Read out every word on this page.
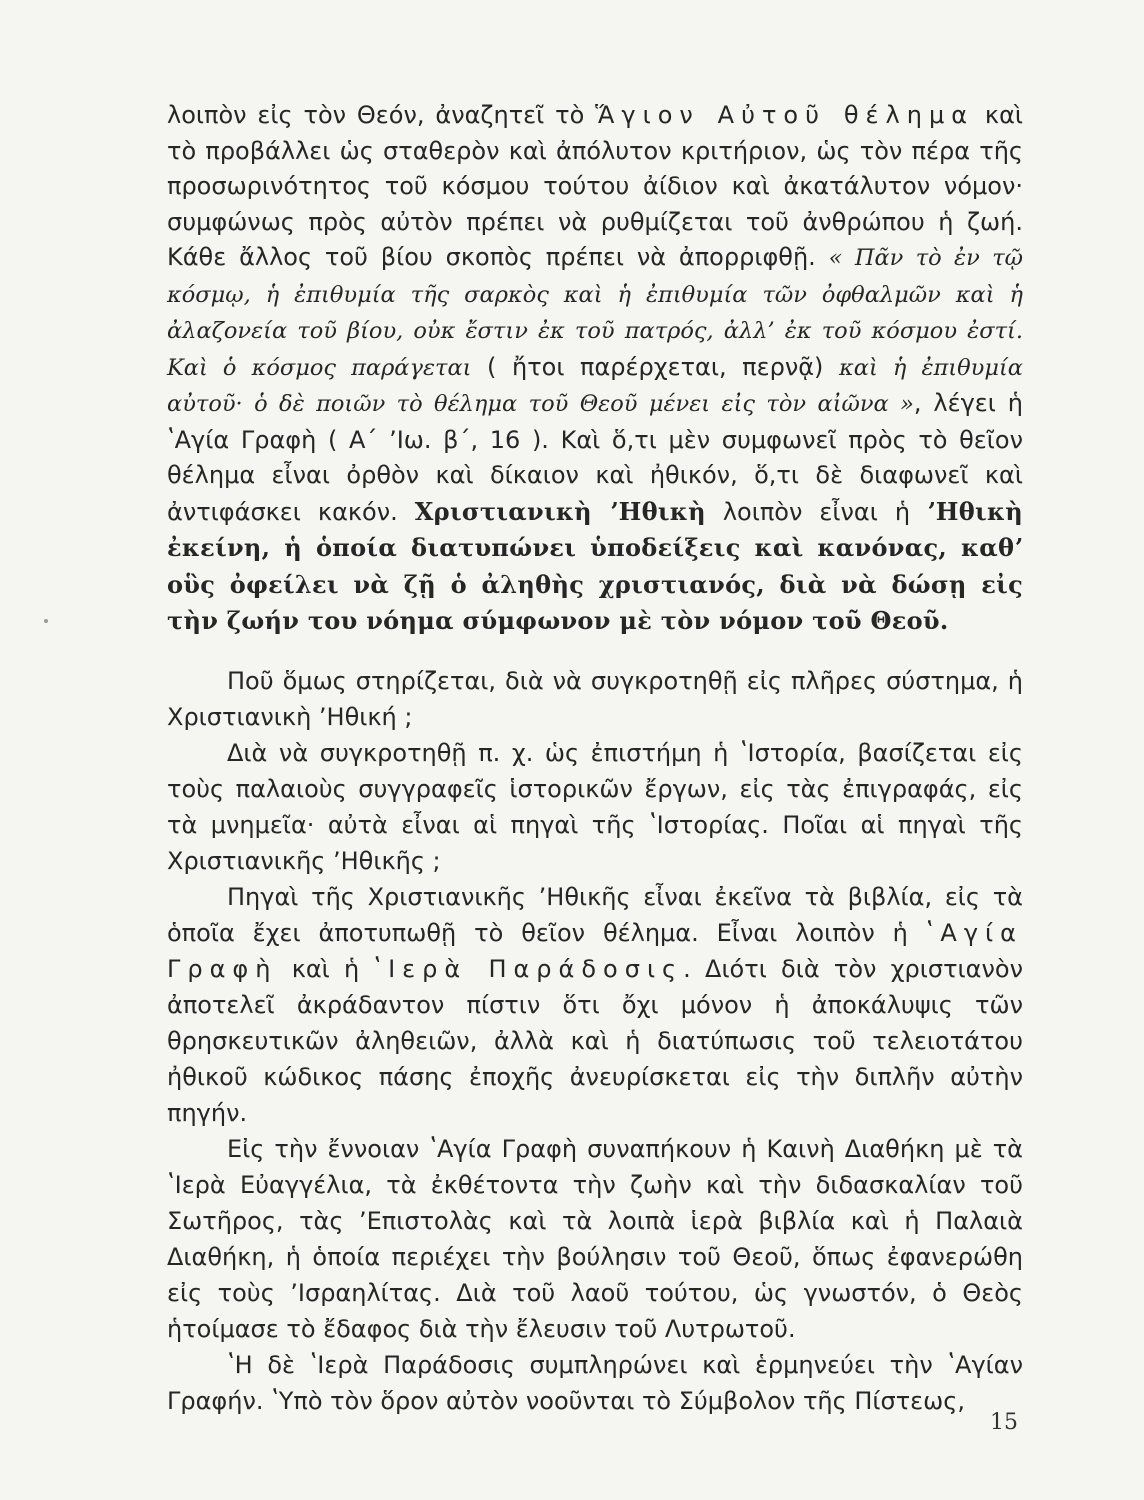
λοιπὸν εἰς τὸν Θεόν, ἀναζητεῖ τὸ Ἅγιον Αὐτοῦ θέλημα καὶ τὸ προβάλλει ὡς σταθερὸν καὶ ἀπόλυτον κριτήριον, ὡς τὸν πέρα τῆς προσωρινότητος τοῦ κόσμου τούτου ἀίδιον καὶ ἀκατάλυτον νόμον· συμφώνως πρὸς αὐτὸν πρέπει νὰ ρυθμίζεται τοῦ ἀνθρώπου ἡ ζωή. Κάθε ἄλλος τοῦ βίου σκοπὸς πρέπει νὰ ἀπορριφθῇ. « Πᾶν τὸ ἐν τῷ κόσμῳ, ἡ ἐπιθυμία τῆς σαρκὸς καὶ ἡ ἐπιθυμία τῶν ὀφθαλμῶν καὶ ἡ ἀλαζονεία τοῦ βίου, οὐκ ἔστιν ἐκ τοῦ πατρός, ἀλλ’ ἐκ τοῦ κόσμου ἐστί. Καὶ ὁ κόσμος παράγεται ( ἤτοι παρέρχεται, περνᾷ) καὶ ἡ ἐπιθυμία αὐτοῦ· ὁ δὲ ποιῶν τὸ θέλημα τοῦ Θεοῦ μένει εἰς τὸν αἰῶνα », λέγει ἡ ʽΑγία Γραφὴ ( Α΄ ʼΙω. β΄, 16 ). Καὶ ὅ,τι μὲν συμφωνεῖ πρὸς τὸ θεῖον θέλημα εἶναι ὀρθὸν καὶ δίκαιον καὶ ἠθικόν, ὅ,τι δὲ διαφωνεῖ καὶ ἀντιφάσκει κακόν. Χριστιανικὴ ʼΗθικὴ λοιπὸν εἶναι ἡ ʼΗθικὴ ἐκείνη, ἡ ὁποία διατυπώνει ὑποδείξεις καὶ κανόνας, καθʼ οὓς ὀφείλει νὰ ζῇ ὁ ἀληθὴς χριστιανός, διὰ νὰ δώσῃ εἰς τὴν ζωήν του νόημα σύμφωνον μὲ τὸν νόμον τοῦ Θεοῦ.

Ποῦ ὅμως στηρίζεται, διὰ νὰ συγκροτηθῇ εἰς πλῆρες σύστημα, ἡ Χριστιανικὴ ʼΗθική ;

Διὰ νὰ συγκροτηθῇ π. χ. ὡς ἐπιστήμη ἡ ʽΙστορία, βασίζεται εἰς τοὺς παλαιοὺς συγγραφεῖς ἱστορικῶν ἔργων, εἰς τὰς ἐπιγραφάς, εἰς τὰ μνημεῖα· αὐτὰ εἶναι αἱ πηγαὶ τῆς ʽΙστορίας. Ποῖαι αἱ πηγαὶ τῆς Χριστιανικῆς ʼΗθικῆς ;

Πηγαὶ τῆς Χριστιανικῆς ʼΗθικῆς εἶναι ἐκεῖνα τὰ βιβλία, εἰς τὰ ὁποῖα ἔχει ἀποτυπωθῇ τὸ θεῖον θέλημα. Εἶναι λοιπὸν ἡ ʽΑγία Γραφὴ καὶ ἡ ʽΙερὰ Παράδοσις. Διότι διὰ τὸν χριστιανὸν ἀποτελεῖ ἀκράδαντον πίστιν ὅτι ὄχι μόνον ἡ ἀποκάλυψις τῶν θρησκευτικῶν ἀληθειῶν, ἀλλὰ καὶ ἡ διατύπωσις τοῦ τελειοτάτου ἠθικοῦ κώδικος πάσης ἐποχῆς ἀνευρίσκεται εἰς τὴν διπλῆν αὐτὴν πηγήν.

Εἰς τὴν ἔννοιαν ʽΑγία Γραφὴ συναπήκουν ἡ Καινὴ Διαθήκη μὲ τὰ ʽΙερὰ Εὐαγγέλια, τὰ ἐκθέτοντα τὴν ζωὴν καὶ τὴν διδασκαλίαν τοῦ Σωτῆρος, τὰς ʼΕπιστολὰς καὶ τὰ λοιπὰ ἱερὰ βιβλία καὶ ἡ Παλαιὰ Διαθήκη, ἡ ὁποία περιέχει τὴν βούλησιν τοῦ Θεοῦ, ὅπως ἐφανερώθη εἰς τοὺς ʼΙσραηλίτας. Διὰ τοῦ λαοῦ τούτου, ὡς γνωστόν, ὁ Θεὸς ἡτοίμασε τὸ ἔδαφος διὰ τὴν ἔλευσιν τοῦ Λυτρωτοῦ.

ʽΗ δὲ ʽΙερὰ Παράδοσις συμπληρώνει καὶ ἑρμηνεύει τὴν ʽΑγίαν Γραφήν. ʽΥπὸ τὸν ὅρον αὐτὸν νοοῦνται τὸ Σύμβολον τῆς Πίστεως,

15
